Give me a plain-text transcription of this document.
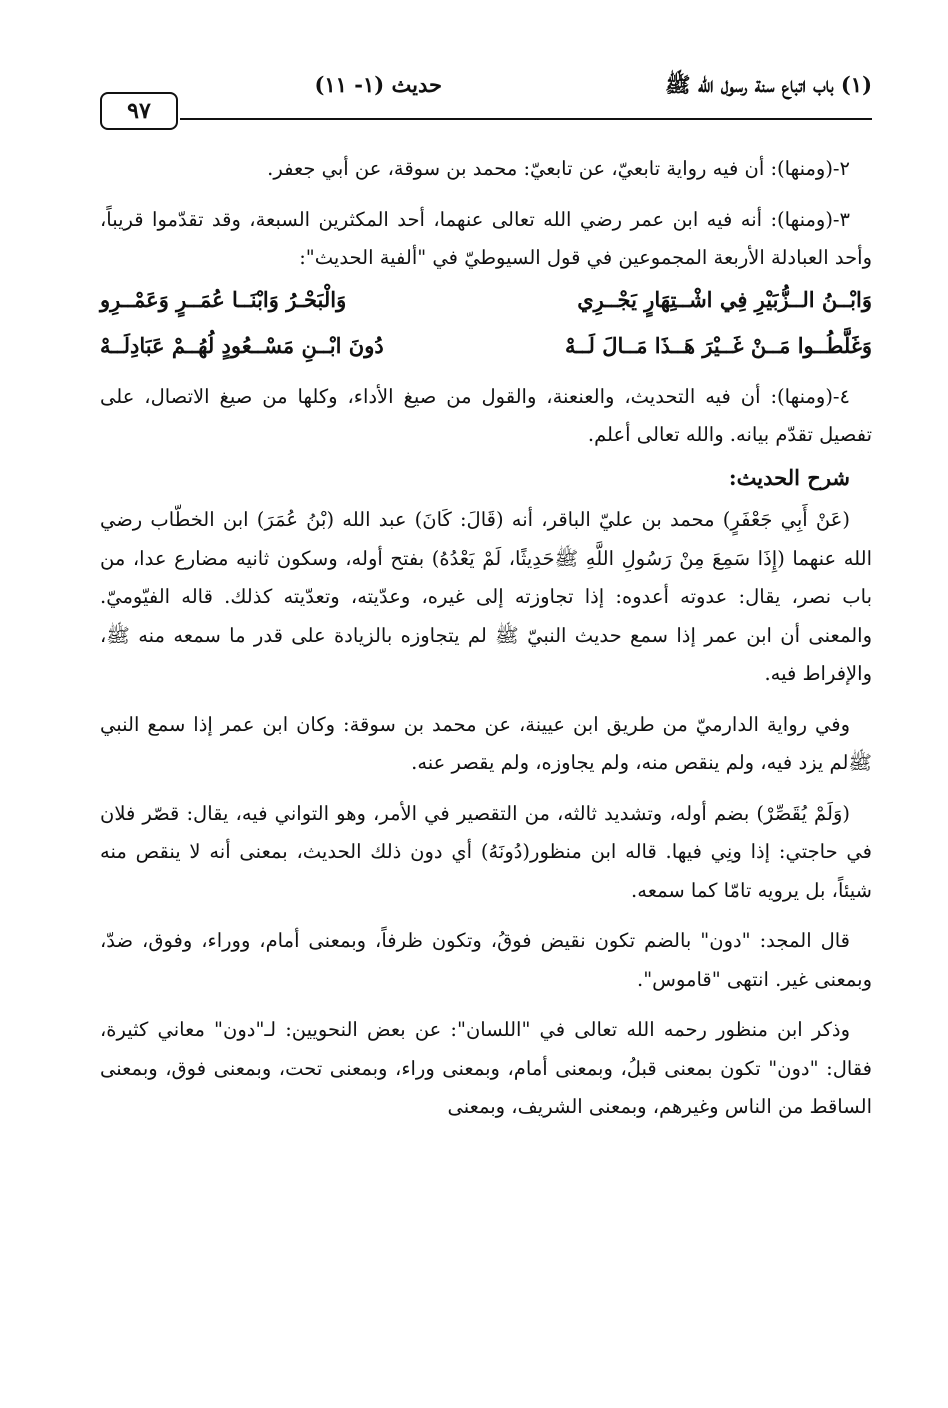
(١) باب اتباع سنة رسول الله ﷺ
حديث (١- ١١)
٩٧

٢-(ومنها): أن فيه رواية تابعيّ، عن تابعيّ: محمد بن سوقة، عن أبي جعفر.

٣-(ومنها): أنه فيه ابن عمر رضي الله تعالى عنهما، أحد المكثرين السبعة، وقد تقدّموا قريباً، وأحد العبادلة الأربعة المجموعين في قول السيوطيّ في "ألفية الحديث":

وَابْــنُ الــزُّبَيْرِ فِي اشْــتِهَارٍ يَجْــرِي
وَالْبَحْـرُ وَابْنَــا عُمَــرٍ وَعَمْــرِو
وَغَلَّطُــوا مَــنْ غَــيْرَ هَــذَا مَــالَ لَــهْ
دُونَ ابْــنِ مَسْــعُودٍ لُهُــمْ عَبَادِلَــهْ

٤-(ومنها): أن فيه التحديث، والعنعنة، والقول من صيغ الأداء، وكلها من صيغ الاتصال، على تفصيل تقدّم بيانه. والله تعالى أعلم.

شرح الحديث:

(عَنْ أَبِي جَعْفَرٍ) محمد بن عليّ الباقر، أنه (قَالَ: كَانَ) عبد الله (بْنُ عُمَرَ) ابن الخطّاب رضي الله عنهما (إِذَا سَمِعَ مِنْ رَسُولِ اللَّهِ ﷺحَدِيثًا، لَمْ يَعْدُهُ) بفتح أوله، وسكون ثانيه مضارع عدا، من باب نصر، يقال: عدوته أعدوه: إذا تجاوزته إلى غيره، وعدّيته، وتعدّيته كذلك. قاله الفيّوميّ. والمعنى أن ابن عمر إذا سمع حديث النبيّ ﷺ لم يتجاوزه بالزيادة على قدر ما سمعه منه ﷺ، والإفراط فيه.

وفي رواية الدارميّ من طريق ابن عيينة، عن محمد بن سوقة: وكان ابن عمر إذا سمع النبي ﷺلم يزد فيه، ولم ينقص منه، ولم يجاوزه، ولم يقصر عنه.

(وَلَمْ يُقَصِّرْ) بضم أوله، وتشديد ثالثه، من التقصير في الأمر، وهو التواني فيه، يقال: قصّر فلان في حاجتي: إذا ونِي فيها. قاله ابن منظور(دُونَهُ) أي دون ذلك الحديث، بمعنى أنه لا ينقص منه شيئاً، بل يرويه تامّا كما سمعه.

قال المجد: "دون" بالضم تكون نقيض فوقُ، وتكون ظرفاً، وبمعنى أمام، ووراء، وفوق، ضدّ، وبمعنى غير. انتهى "قاموس".

وذكر ابن منظور رحمه الله تعالى في "اللسان": عن بعض النحويين: لـ"دون" معاني كثيرة، فقال: "دون" تكون بمعنى قبلُ، وبمعنى أمام، وبمعنى وراء، وبمعنى تحت، وبمعنى فوق، وبمعنى الساقط من الناس وغيرهم، وبمعنى الشريف، وبمعنى
